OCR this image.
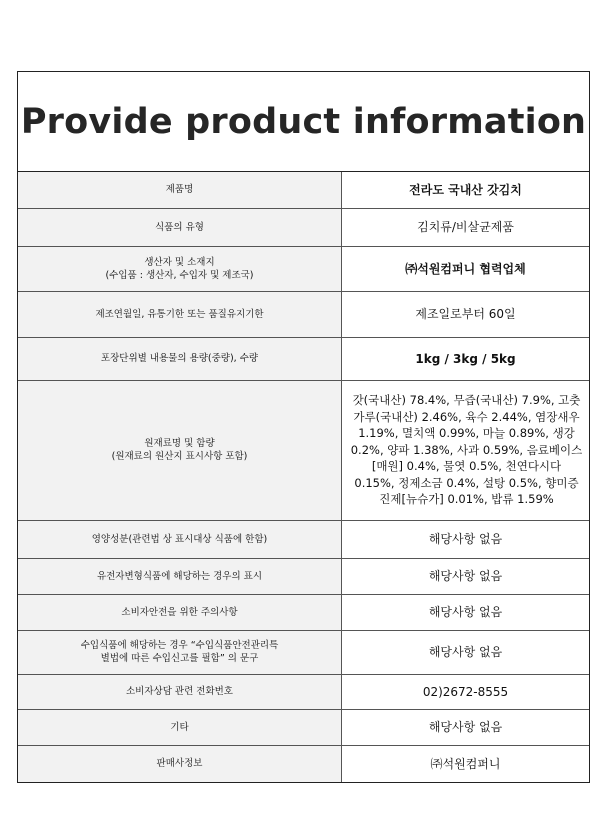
Provide product information
제품명	전라도 국내산 갓김치

식품의 유형	김치류/비살균제품

생산자 및 소재지
(수입품 : 생산자, 수입자 및 제조국)	㈜석원컴퍼니 협력업체

제조연월일, 유통기한 또는 품질유지기한	제조일로부터 60일

포장단위별 내용물의 용량(중량), 수량	1kg / 3kg / 5kg

원재료명 및 함량
(원재료의 원산지 표시사항 포함)	갓(국내산) 78.4%, 무즙(국내산) 7.9%, 고춧가루(국내산) 2.46%, 육수 2.44%, 염장새우 1.19%, 멸치액 0.99%, 마늘 0.89%, 생강 0.2%, 양파 1.38%, 사과 0.59%, 음료베이스[매원] 0.4%, 물엿 0.5%, 천연다시다 0.15%, 정제소금 0.4%, 설탕 0.5%, 향미증진제[뉴슈가] 0.01%, 밥류 1.59%

영양성분(관련법 상 표시대상 식품에 한함)	해당사항 없음

유전자변형식품에 해당하는 경우의 표시	해당사항 없음

소비자안전을 위한 주의사항	해당사항 없음

수입식품에 해당하는 경우 “수입식품안전관리특
별법에 따른 수입신고를 필함” 의 문구	해당사항 없음

소비자상담 관련 전화번호	02)2672-8555

기타	해당사항 없음

판매사정보	㈜석원컴퍼니
